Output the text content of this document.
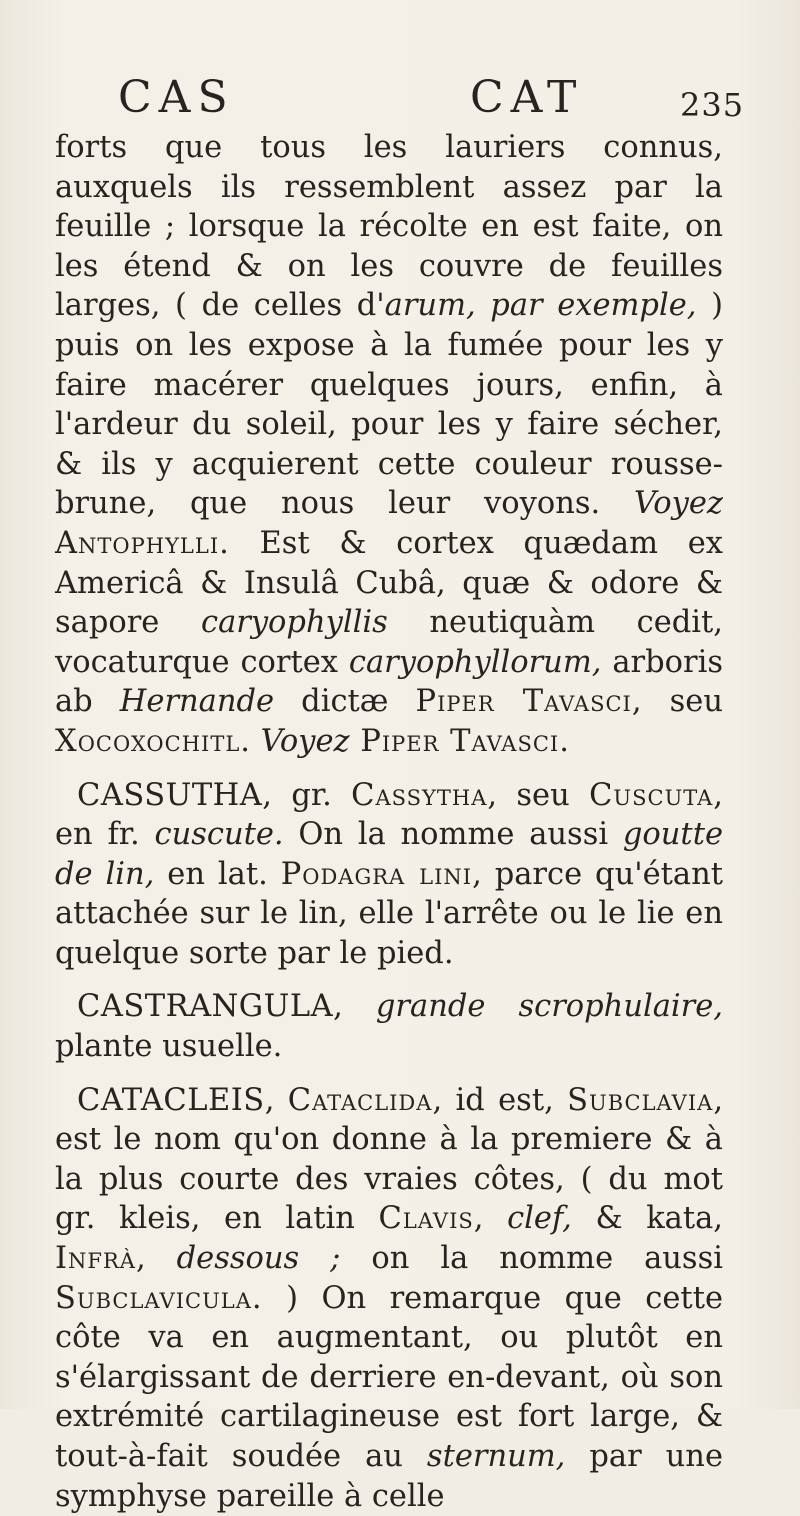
CAS	CAT	235

forts que tous les lauriers connus, auxquels ils ressemblent assez par la feuille ; lorsque la récolte en est faite, on les étend & on les couvre de feuilles larges, ( de celles d'arum, par exemple, ) puis on les expose à la fumée pour les y faire macérer quelques jours, enfin, à l'ardeur du soleil, pour les y faire sécher, & ils y acquierent cette couleur rousse-brune, que nous leur voyons. Voyez Antophylli. Est & cortex quædam ex Americâ & Insulâ Cubâ, quæ & odore & sapore caryophyllis neutiquàm cedit, vocaturque cortex caryophyllorum, arboris ab Hernande dictæ Piper Tavasci, seu Xocoxochitl. Voyez Piper Tavasci.

CASSUTHA, gr. Cassytha, seu Cuscuta, en fr. cuscute. On la nomme aussi goutte de lin, en lat. Podagra lini, parce qu'étant attachée sur le lin, elle l'arrête ou le lie en quelque sorte par le pied.

CASTRANGULA, grande scrophulaire, plante usuelle.

CATACLEIS, Cataclida, id est, Subclavia, est le nom qu'on donne à la premiere & à la plus courte des vraies côtes, ( du mot gr. kleis, en latin Clavis, clef, & kata, Infrà, dessous ; on la nomme aussi Subclavicula. ) On remarque que cette côte va en augmentant, ou plutôt en s'élargissant de derriere en-devant, où son extrémité cartilagineuse est fort large, & tout-à-fait soudée au sternum, par une symphyse pareille à celle
